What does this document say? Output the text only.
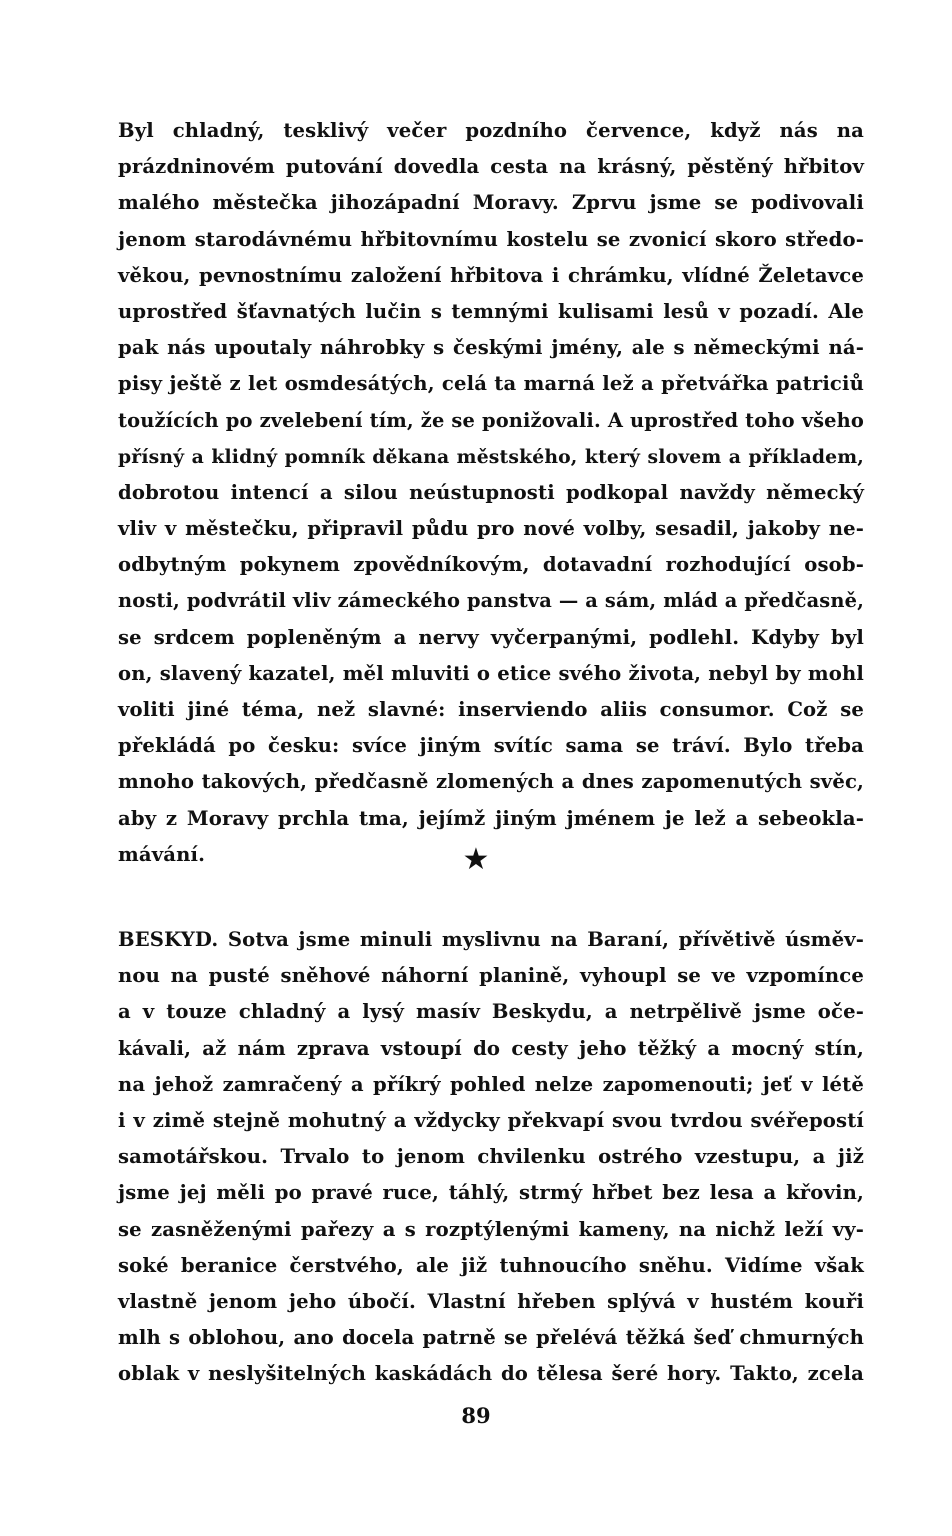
Byl chladný, tesklivý večer pozdního července, když nás na
prázdninovém putování dovedla cesta na krásný, pěstěný hřbitov
malého městečka jihozápadní Moravy. Zprvu jsme se podivovali
jenom starodávnému hřbitovnímu kostelu se zvonicí skoro středo-
věkou, pevnostnímu založení hřbitova i chrámku, vlídné Želetavce
uprostřed šťavnatých lučin s temnými kulisami lesů v pozadí. Ale
pak nás upoutaly náhrobky s českými jmény, ale s německými ná-
pisy ještě z let osmdesátých, celá ta marná lež a přetvářka patriciů
toužících po zvelebení tím, že se ponižovali. A uprostřed toho všeho
přísný a klidný pomník děkana městského, který slovem a příkladem,
dobrotou intencí a silou neústupnosti podkopal navždy německý
vliv v městečku, připravil půdu pro nové volby, sesadil, jakoby ne-
odbytným pokynem zpovědníkovým, dotavadní rozhodující osob-
nosti, podvrátil vliv zámeckého panstva — a sám, mlád a předčasně,
se srdcem popleněným a nervy vyčerpanými, podlehl. Kdyby byl
on, slavený kazatel, měl mluviti o etice svého života, nebyl by mohl
voliti jiné téma, než slavné: inserviendo aliis consumor. Což se
překládá po česku: svíce jiným svítíc sama se tráví. Bylo třeba
mnoho takových, předčasně zlomených a dnes zapomenutých svěc,
aby z Moravy prchla tma, jejímž jiným jménem je lež a sebeokla-
mávání.	★
BESKYD. Sotva jsme minuli myslivnu na Baraní, přívětivě úsměv-
nou na pusté sněhové náhorní planině, vyhoupl se ve vzpomínce
a v touze chladný a lysý masív Beskydu, a netrpělivě jsme oče-
kávali, až nám zprava vstoupí do cesty jeho těžký a mocný stín,
na jehož zamračený a příkrý pohled nelze zapomenouti; jeť v létě
i v zimě stejně mohutný a vždycky překvapí svou tvrdou svéřepostí
samotářskou. Trvalo to jenom chvilenku ostrého vzestupu, a již
jsme jej měli po pravé ruce, táhlý, strmý hřbet bez lesa a křovin,
se zasněženými pařezy a s rozptýlenými kameny, na nichž leží vy-
soké beranice čerstvého, ale již tuhnoucího sněhu. Vidíme však
vlastně jenom jeho úbočí. Vlastní hřeben splývá v hustém kouři
mlh s oblohou, ano docela patrně se přelévá těžká šeď chmurných
oblak v neslyšitelných kaskádách do tělesa šeré hory. Takto, zcela
89
